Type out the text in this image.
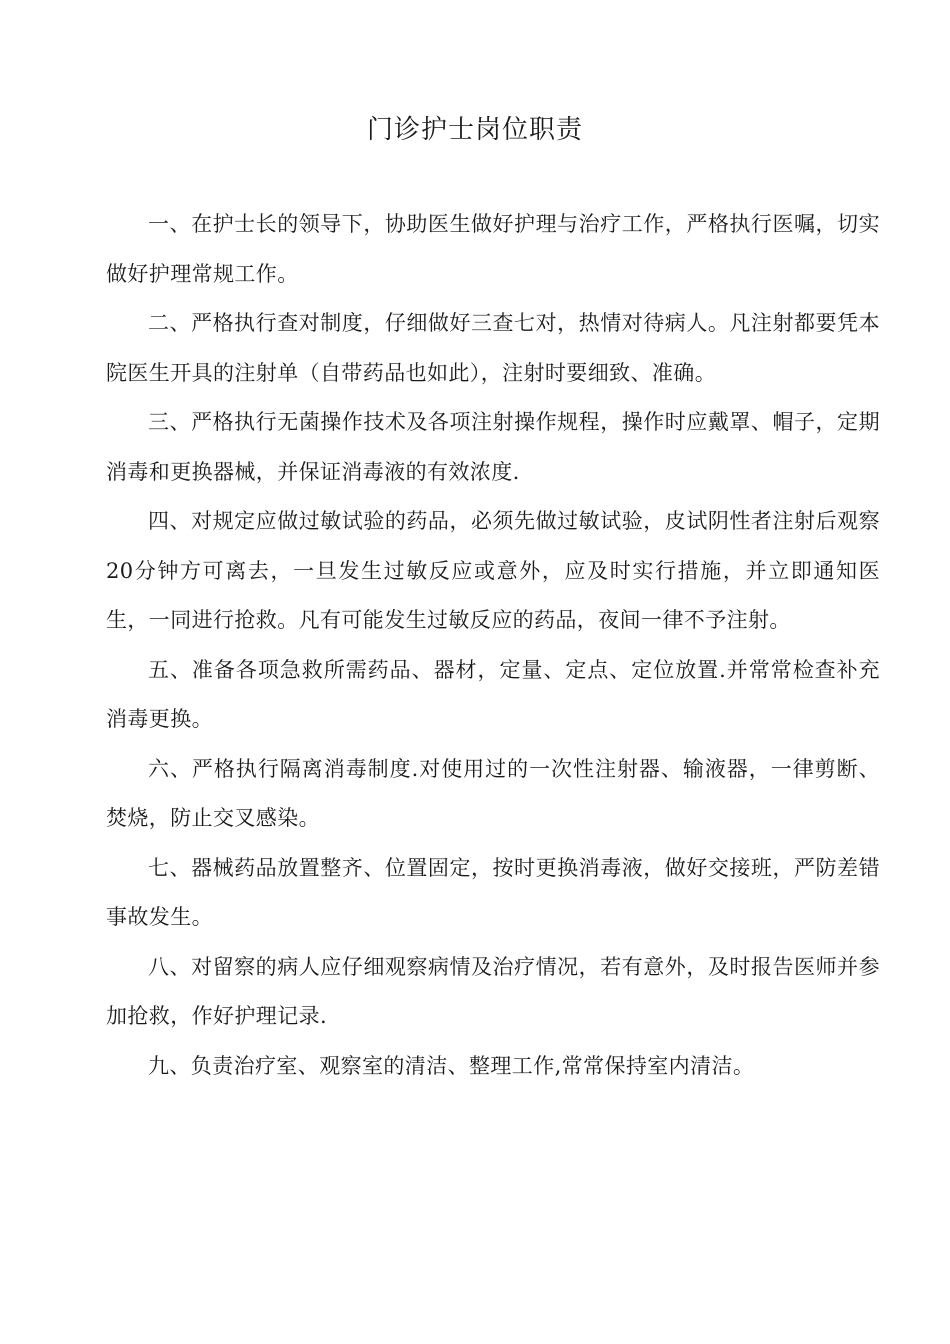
门诊护士岗位职责

一、在护士长的领导下，协助医生做好护理与治疗工作，严格执行医嘱，切实做好护理常规工作。

二、严格执行查对制度，仔细做好三查七对，热情对待病人。凡注射都要凭本院医生开具的注射单（自带药品也如此），注射时要细致、准确。

三、严格执行无菌操作技术及各项注射操作规程，操作时应戴罩、帽子，定期消毒和更换器械，并保证消毒液的有效浓度.

四、对规定应做过敏试验的药品，必须先做过敏试验，皮试阴性者注射后观察20分钟方可离去，一旦发生过敏反应或意外，应及时实行措施，并立即通知医生，一同进行抢救。凡有可能发生过敏反应的药品，夜间一律不予注射。

五、准备各项急救所需药品、器材，定量、定点、定位放置.并常常检查补充消毒更换。

六、严格执行隔离消毒制度.对使用过的一次性注射器、输液器，一律剪断、焚烧，防止交叉感染。

七、器械药品放置整齐、位置固定，按时更换消毒液，做好交接班，严防差错事故发生。

八、对留察的病人应仔细观察病情及治疗情况，若有意外，及时报告医师并参加抢救，作好护理记录.

九、负责治疗室、观察室的清洁、整理工作,常常保持室内清洁。
